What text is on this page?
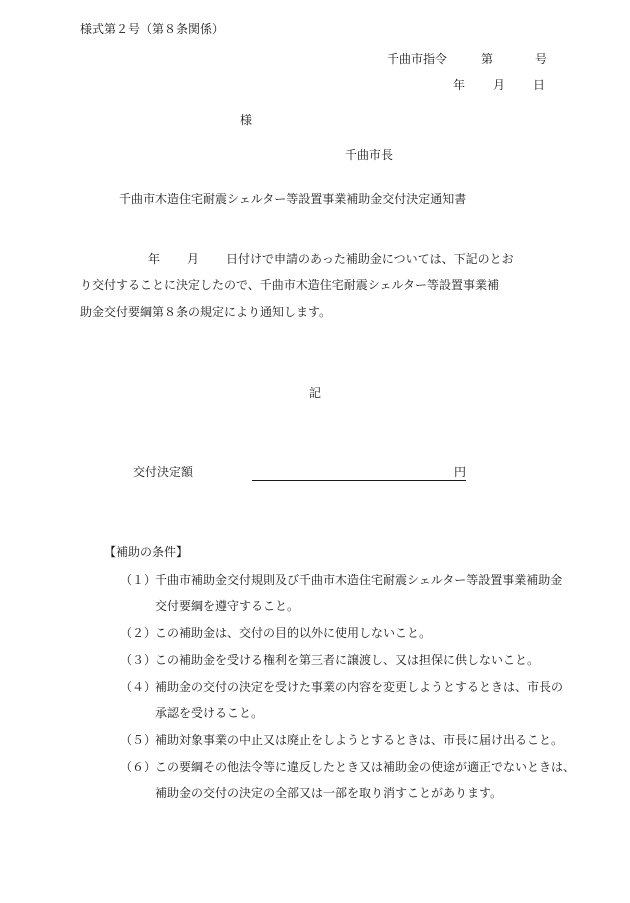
様式第２号（第８条関係）
千曲市指令	第	号
年 月 日
様
千曲市長
千曲市木造住宅耐震シェルター等設置事業補助金交付決定通知書
年 月 日付けで申請のあった補助金については、下記のとお
り交付することに決定したので、千曲市木造住宅耐震シェルター等設置事業補
助金交付要綱第８条の規定により通知します。
記
交付決定額	円
【補助の条件】
（１）
千曲市補助金交付規則及び千曲市木造住宅耐震シェルター等設置事業補助金
交付要綱を遵守すること。
（２）
この補助金は、交付の目的以外に使用しないこと。
（３）
この補助金を受ける権利を第三者に譲渡し、又は担保に供しないこと。
（４）
補助金の交付の決定を受けた事業の内容を変更しようとするときは、市長の
承認を受けること。
（５）
補助対象事業の中止又は廃止をしようとするときは、市長に届け出ること。
（６）
この要綱その他法令等に違反したとき又は補助金の使途が適正でないときは、
補助金の交付の決定の全部又は一部を取り消すことがあります。
